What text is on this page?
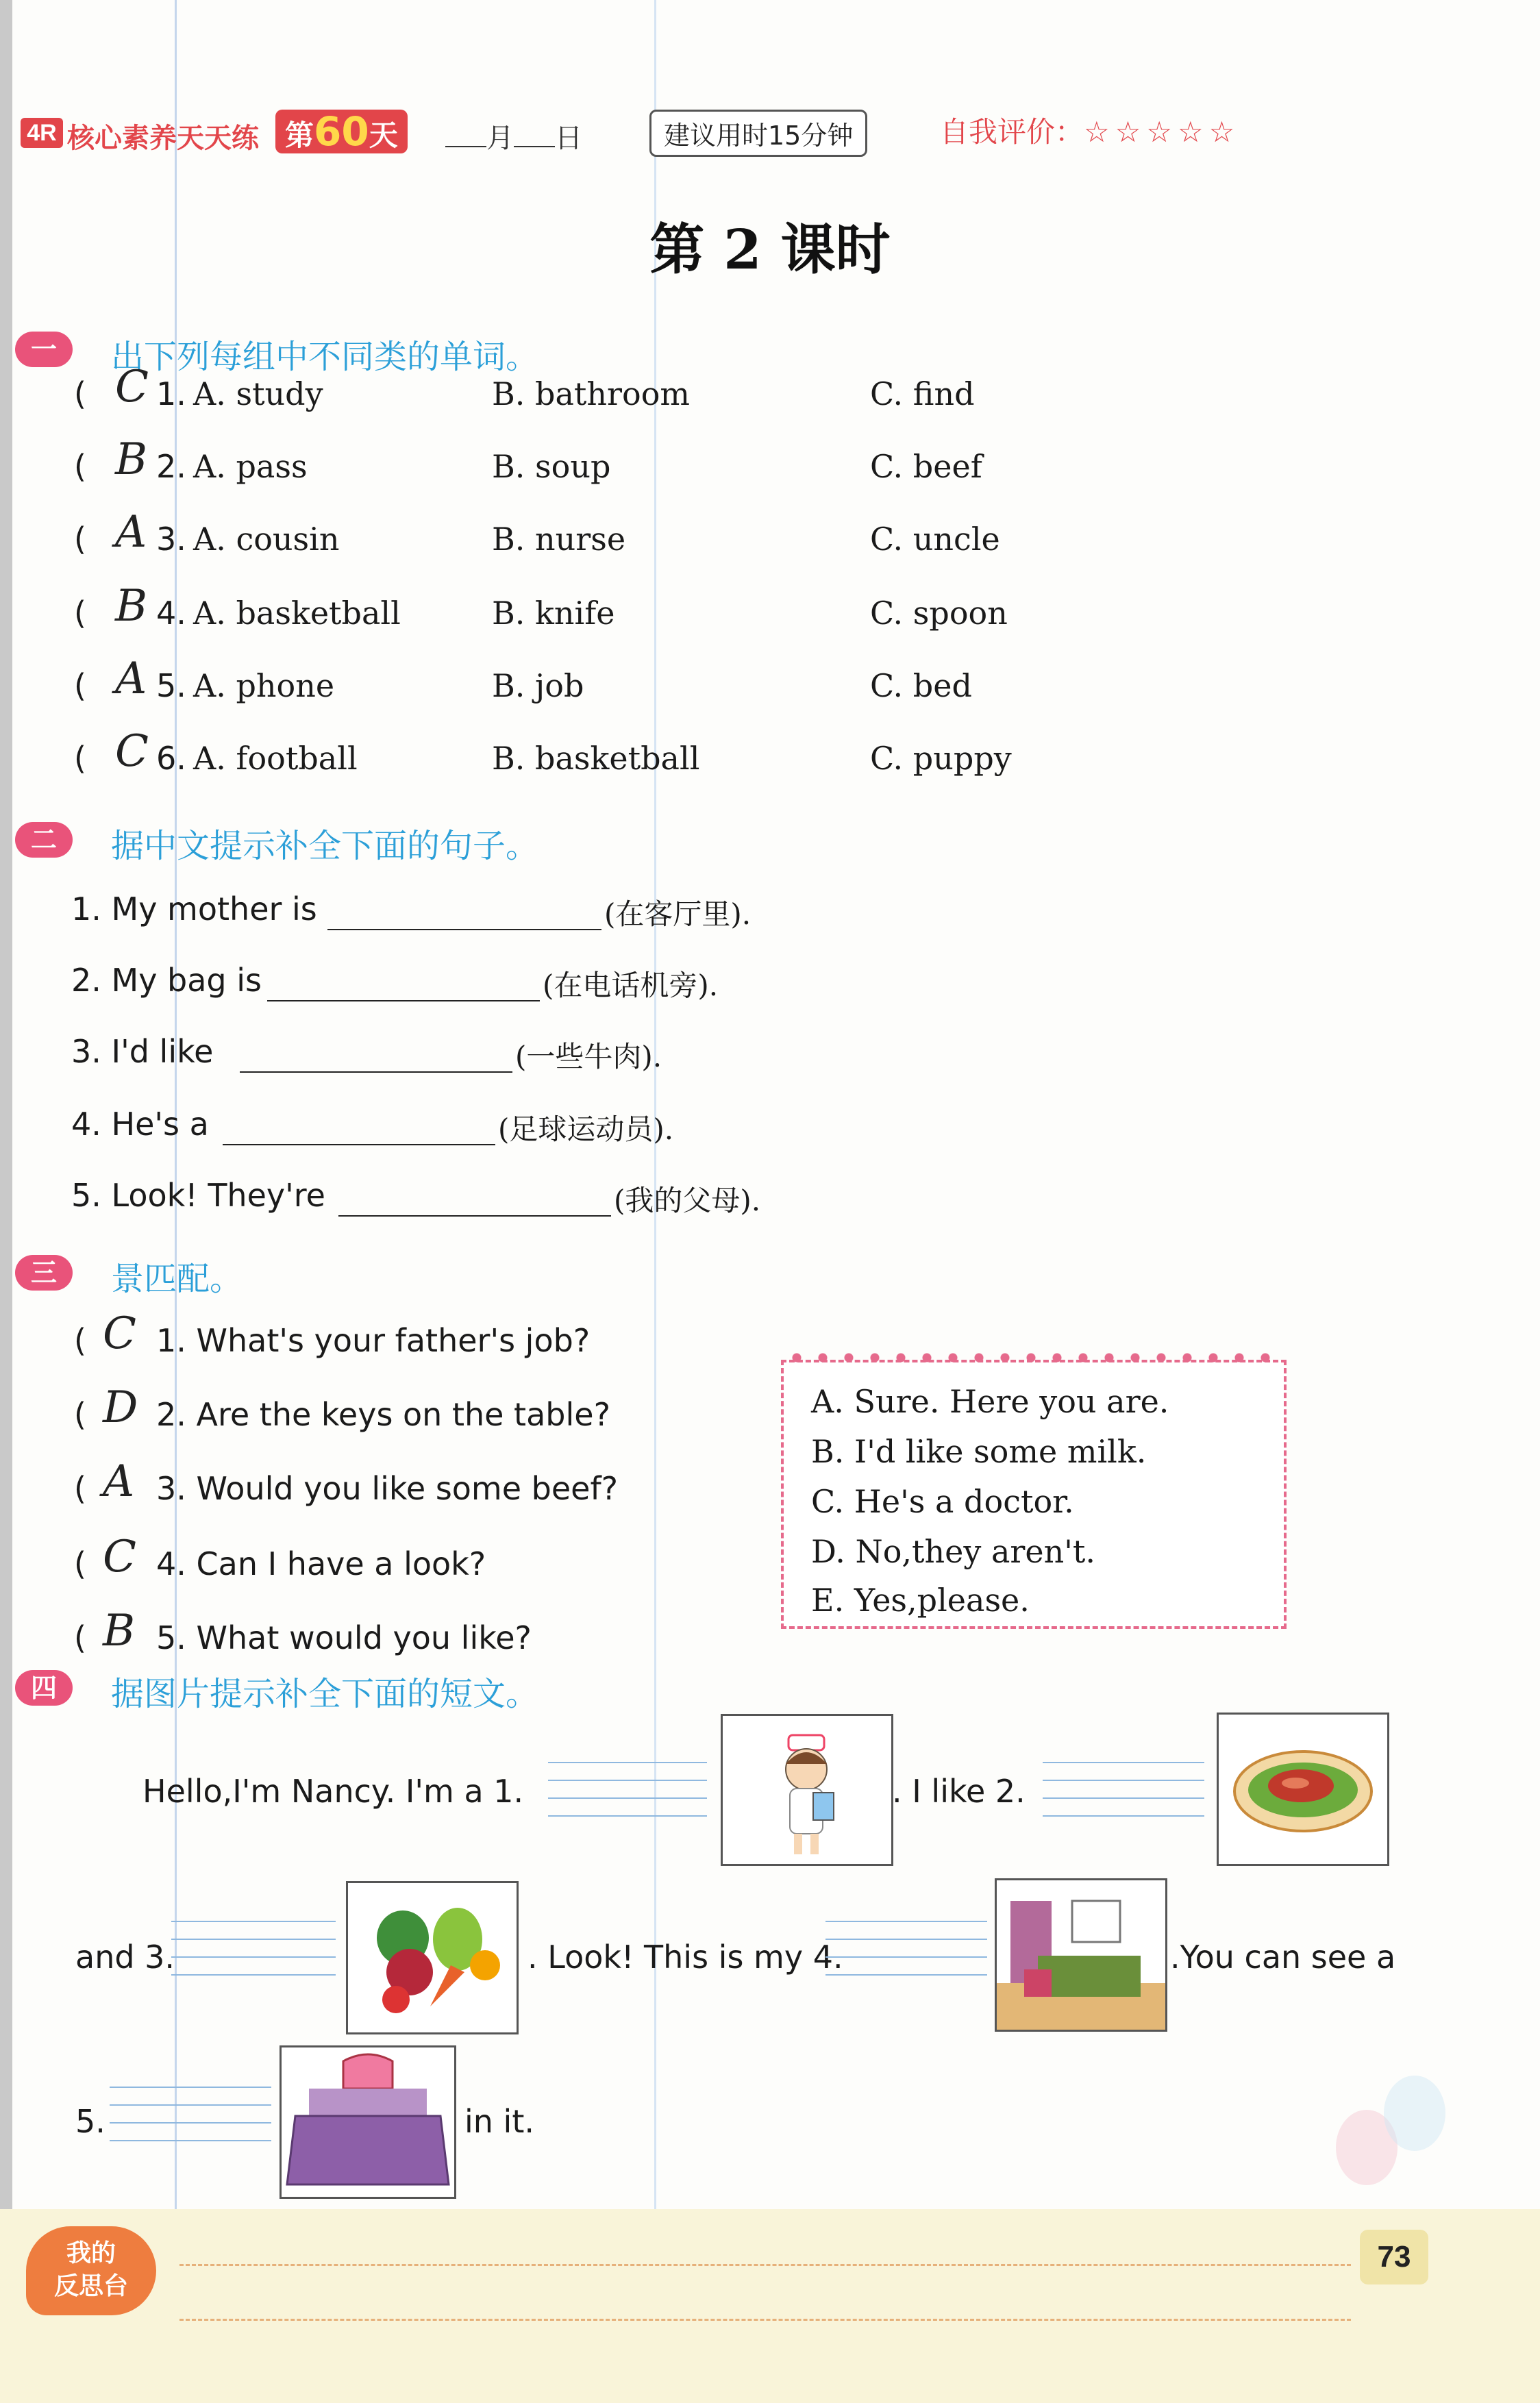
4R 核心素养天天练 第60天	月 日	建议用时15分钟	自我评价：☆☆☆☆☆
第 2 课时
一	出下列每组中不同类的单词。
( C 1. A. study	B. bathroom	C. find
( B 2. A. pass	B. soup	C. beef
( A 3. A. cousin	B. nurse	C. uncle
( B 4. A. basketball	B. knife	C. spoon
( A 5. A. phone	B. job	C. bed
( C 6. A. football	B. basketball	C. puppy
二	据中文提示补全下面的句子。
1. My mother is	(在客厅里).
2. My bag is	(在电话机旁).
3. I'd like	(一些牛肉).
4. He's a	(足球运动员).
5. Look! They're	(我的父母).
三	景匹配。
( C 1. What's your father's job?
( D 2. Are the keys on the table?
( A 3. Would you like some beef?
( C 4. Can I have a look?
( B 5. What would you like?
A. Sure. Here you are.
B. I'd like some milk.
C. He's a doctor.
D. No,they aren't.
E. Yes,please.
四	据图片提示补全下面的短文。
Hello,I'm Nancy. I'm a 1.	. I like 2.
and 3.	. Look! This is my 4.	.You can see a
5.	in it.
我的
反思台
73
